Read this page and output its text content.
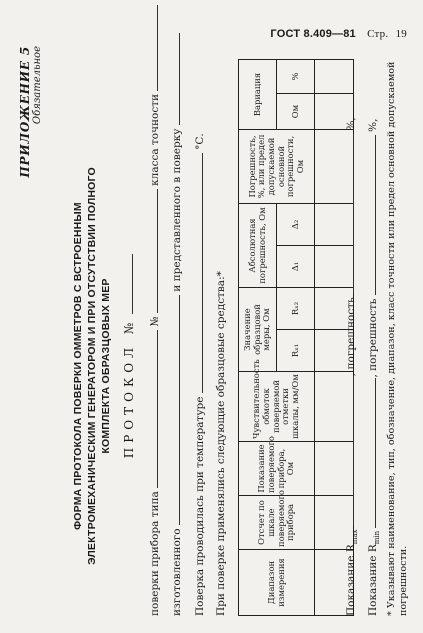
ГОСТ 8.409—81 Стр. 19
ПРИЛОЖЕНИЕ 5 Обязательное
ФОРМА ПРОТОКОЛА ПОВЕРКИ ОММЕТРОВ С ВСТРОЕННЫМ ЭЛЕКТРОМЕХАНИЧЕСКИМ ГЕНЕРАТОРОМ И ПРИ ОТСУТСТВИИ ПОЛНОГО КОМПЛЕКТА ОБРАЗЦОВЫХ МЕР ПРОТОКОЛ №
поверки прибора типа  №  класса точности
изготовленного  и представленного в поверку
Поверка проводилась при температуре  °С.
При поверке применялись следующие образцовые средства:*	Диапазон измерения	Отсчет по шкале поверяемого прибора	Показание поверяемого прибора, Ом	Чувствительность обмоток поверяемой отметки шкалы, мм/Ом	Значение образцовой меры, Ом		Абсолютная погрешность, Ом		Погрешность, %, или предел допускаемой основной погрешности, Ом	Вариация	
				Rₓ₁	Rₓ₂	Δ₁	Δ₂		Ом	%

Показание $R_{max}$ , погрешность  %,
Показание $R_{min}$ , погрешность  %, * Указывают наименование, тип, обозначение, диапазон, класс точности или предел основной допускаемой погрешности.
